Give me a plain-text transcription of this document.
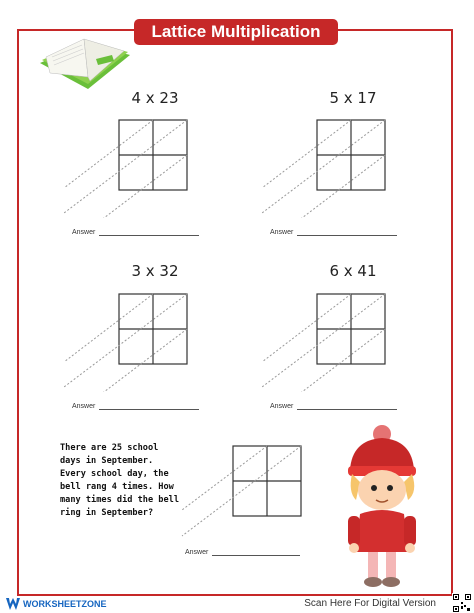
Lattice Multiplication
4 x 23
Answer
5 x 17
Answer
3 x 32
Answer
6 x 41
Answer
There are 25 school days in September. Every school day, the bell rang 4 times. How many times did the bell ring in September?
Answer
WORKSHEETZONE	Scan Here For Digital Version
